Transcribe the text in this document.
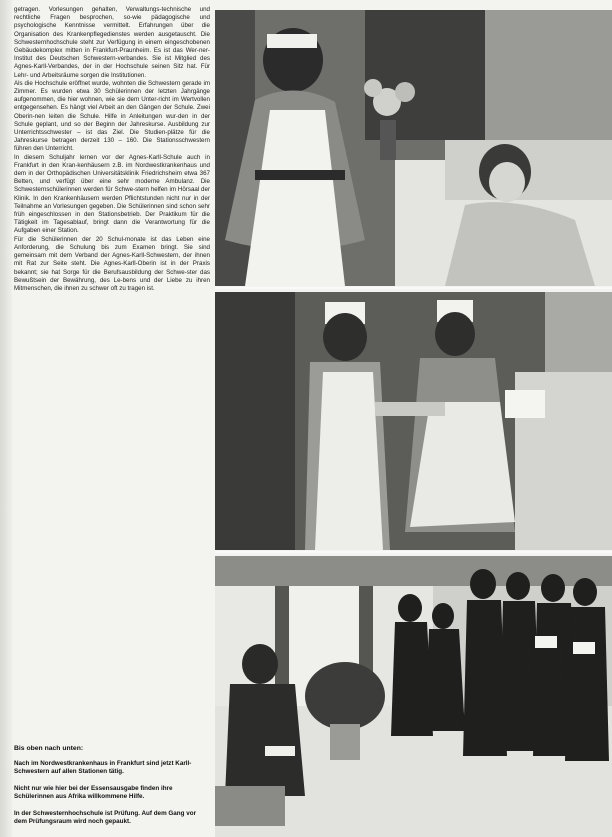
getragen. Vorlesungen gehalten, Verwaltungs-technische und rechtliche Fragen besprochen, so-wie pädagogische und psychologische Kenntnisse vermittelt. Erfahrungen über die Organisation des Krankenpflegedienstes werden ausgetauscht. Die Schwesternhochschule steht zur Verfügung in einem eingeschobenen Gebäudekomplex mitten in Frankfurt-Praunheim. Es ist das Wer-ner-Institut des Deutschen Schwestern-verbandes. Sie ist Mitglied des Agnes-Karll-Verbandes, der in der Hochschule seinen Sitz hat. Für Lehr- und Arbeitsräume sorgen die Institutionen.

Als die Hochschule eröffnet wurde, wohnten die Schwestern gerade im Zimmer. Es wurden etwa 30 Schülerinnen der letzten Jahrgänge aufgenommen, die hier wohnen, wie sie dem Unter-richt im Wertvollen entgegensehen. Es hängt viel Arbeit an den Gängen der Schule. Zwei Oberin-nen leiten die Schule. Hilfe in Anleitungen wur-den in der Schule geplant, und so der Beginn der Jahreskurse. Ausbildung zur Unterrichtsschwester – ist das Ziel. Die Studien-plätze für die Jahreskurse betragen derzeit 130 – 160. Die Stationsschwestern führen den Unterricht.

In diesem Schuljahr lernen vor der Agnes-Karll-Schule auch in Frankfurt in den Kran-kenhäusern z.B. im Nordwestkrankenhaus und dem in der Orthopädischen Universitätsklinik Friedrichsheim etwa 367 Betten, und verfügt über eine sehr moderne Ambulanz. Die Schwesternschülerinnen werden für Schwe-stern helfen im Hörsaal der Klinik. In den Krankenhäusern werden Pflichtstunden nicht nur in der Teilnahme an Vorlesungen gegeben. Die Schülerinnen sind schon sehr früh eingeschlossen in den Stationsbetrieb. Der Praktikum für die Tätigkeit im Tagesablauf, bringt dann die Verantwortung für die Aufgaben einer Station.

Für die Schülerinnen der 20 Schul-monate ist das Leben eine Anforderung, die Schulung bis zum Examen bringt. Sie sind gemeinsam mit dem Verband der Agnes-Karll-Schwestern, der ihnen mit Rat zur Seite steht. Die Agnes-Karll-Oberin ist in der Praxis bekannt; sie hat Sorge für die Berufsausbildung der Schwe-ster das Bewußtsein der Bewährung, des Le-bens und der Liebe zu ihren Mitmenschen, die ihnen zu schwer oft zu tragen ist.

Bis oben nach unten:
Nach im Nordwestkrankenhaus in Frankfurt sind jetzt Karll-Schwestern auf allen Stationen tätig.
Nicht nur wie hier bei der Essensausgabe finden ihre Schülerinnen aus Afrika willkommene Hilfe.
In der Schwesternhochschule ist Prüfung. Auf dem Gang vor dem Prüfungsraum wird noch gepaukt.
